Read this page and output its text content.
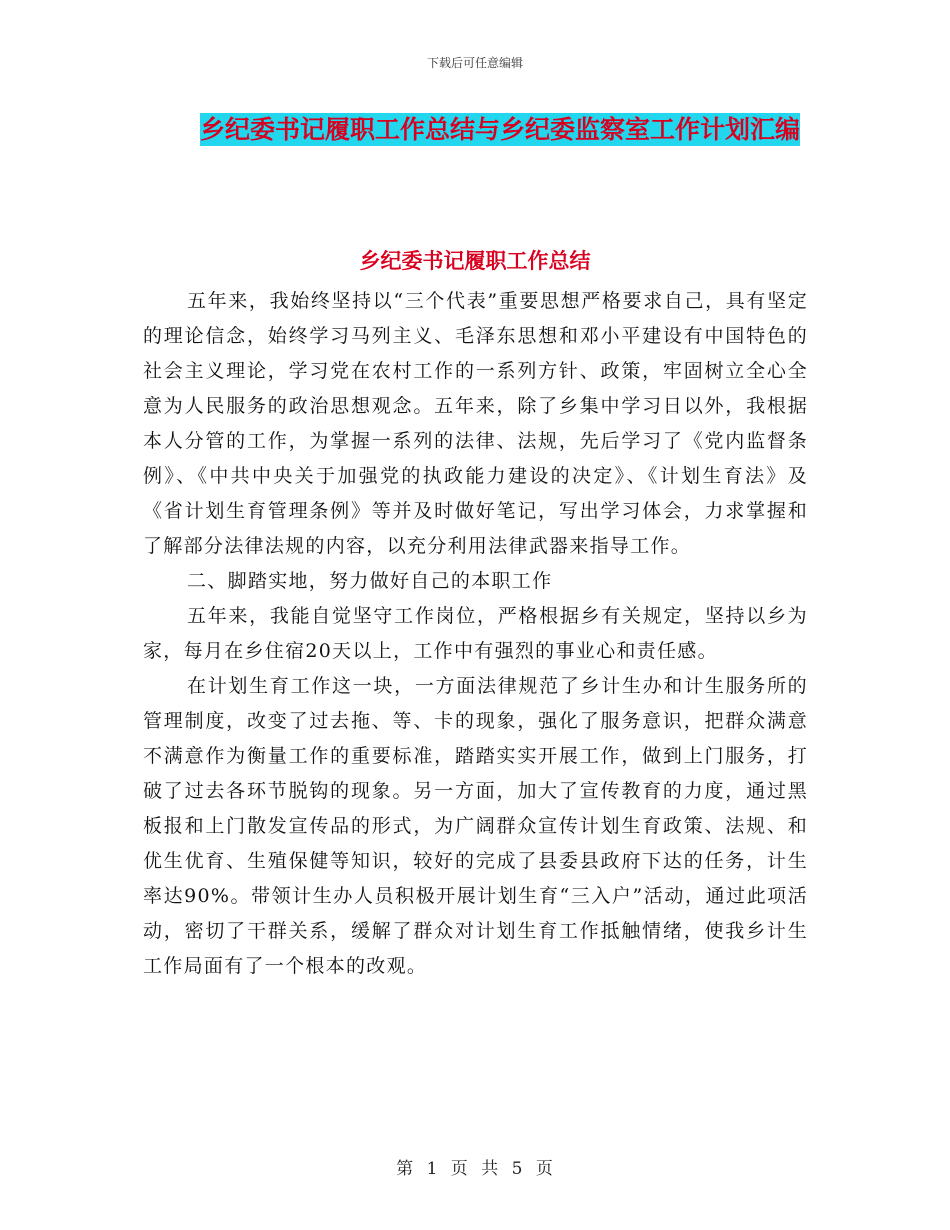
下载后可任意编辑
乡纪委书记履职工作总结与乡纪委监察室工作计划汇编
乡纪委书记履职工作总结

五年来，我始终坚持以“三个代表”重要思想严格要求自己，具有坚定的理论信念，始终学习马列主义、毛泽东思想和邓小平建设有中国特色的社会主义理论，学习党在农村工作的一系列方针、政策，牢固树立全心全意为人民服务的政治思想观念。五年来，除了乡集中学习日以外，我根据本人分管的工作，为掌握一系列的法律、法规，先后学习了《党内监督条例》、《中共中央关于加强党的执政能力建设的决定》、《计划生育法》及《省计划生育管理条例》等并及时做好笔记，写出学习体会，力求掌握和了解部分法律法规的内容，以充分利用法律武器来指导工作。

二、脚踏实地，努力做好自己的本职工作

五年来，我能自觉坚守工作岗位，严格根据乡有关规定，坚持以乡为家，每月在乡住宿20天以上，工作中有强烈的事业心和责任感。

在计划生育工作这一块，一方面法律规范了乡计生办和计生服务所的管理制度，改变了过去拖、等、卡的现象，强化了服务意识，把群众满意不满意作为衡量工作的重要标准，踏踏实实开展工作，做到上门服务，打破了过去各环节脱钩的现象。另一方面，加大了宣传教育的力度，通过黑板报和上门散发宣传品的形式，为广阔群众宣传计划生育政策、法规、和优生优育、生殖保健等知识，较好的完成了县委县政府下达的任务，计生率达90%。带领计生办人员积极开展计划生育“三入户”活动，通过此项活动，密切了干群关系，缓解了群众对计划生育工作抵触情绪，使我乡计生工作局面有了一个根本的改观。

第 1 页 共 5 页
